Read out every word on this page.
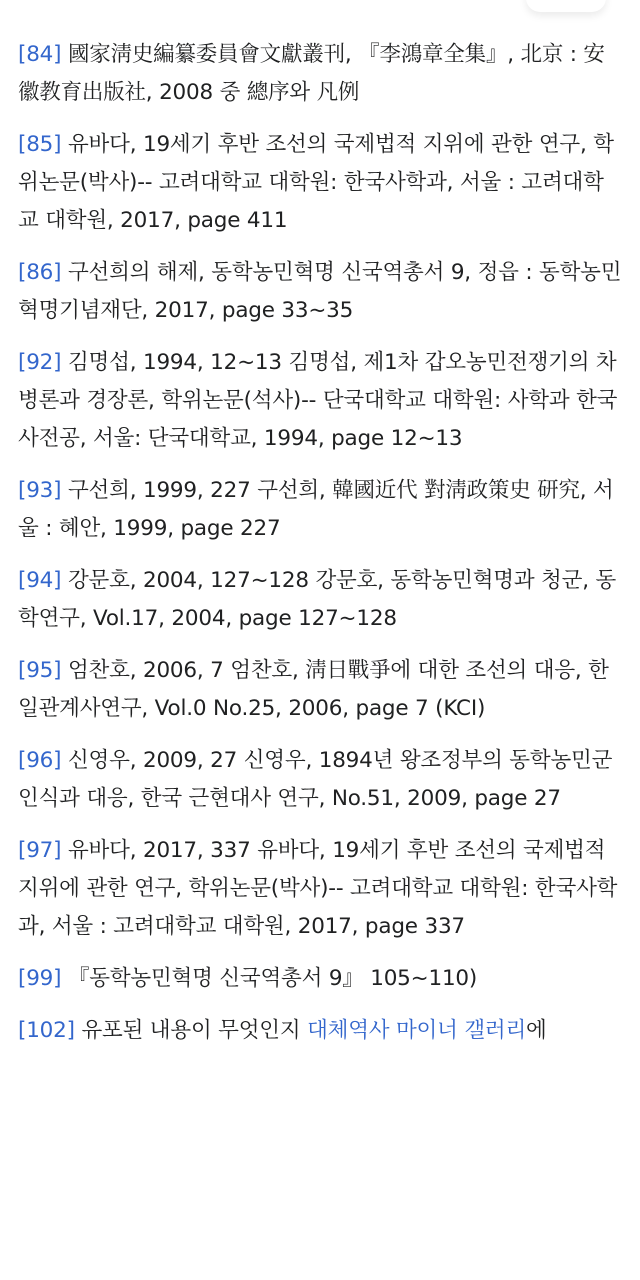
[84] 國家淸史編纂委員會文獻叢刊, 『李鴻章全集』, 北京 : 安徽教育出版社, 2008 중 總序와 凡例
[85] 유바다, 19세기 후반 조선의 국제법적 지위에 관한 연구, 학위논문(박사)-- 고려대학교 대학원: 한국사학과, 서울 : 고려대학교 대학원, 2017, page 411
[86] 구선희의 해제, 동학농민혁명 신국역총서 9, 정읍 : 동학농민혁명기념재단, 2017, page 33~35
[92] 김명섭, 1994, 12~13 김명섭, 제1차 갑오농민전쟁기의 차병론과 경장론, 학위논문(석사)-- 단국대학교 대학원: 사학과 한국사전공, 서울: 단국대학교, 1994, page 12~13
[93] 구선희, 1999, 227 구선희, 韓國近代 對淸政策史 研究, 서울 : 혜안, 1999, page 227
[94] 강문호, 2004, 127~128 강문호, 동학농민혁명과 청군, 동학연구, Vol.17, 2004, page 127~128
[95] 엄찬호, 2006, 7 엄찬호, 淸日戰爭에 대한 조선의 대응, 한일관계사연구, Vol.0 No.25, 2006, page 7 (KCI)
[96] 신영우, 2009, 27 신영우, 1894년 왕조정부의 동학농민군 인식과 대응, 한국 근현대사 연구, No.51, 2009, page 27
[97] 유바다, 2017, 337 유바다, 19세기 후반 조선의 국제법적 지위에 관한 연구, 학위논문(박사)-- 고려대학교 대학원: 한국사학과, 서울 : 고려대학교 대학원, 2017, page 337
[99] 『동학농민혁명 신국역총서 9』 105~110)
[102] 유포된 내용이 무엇인지 대체역사 마이너 갤러리에
